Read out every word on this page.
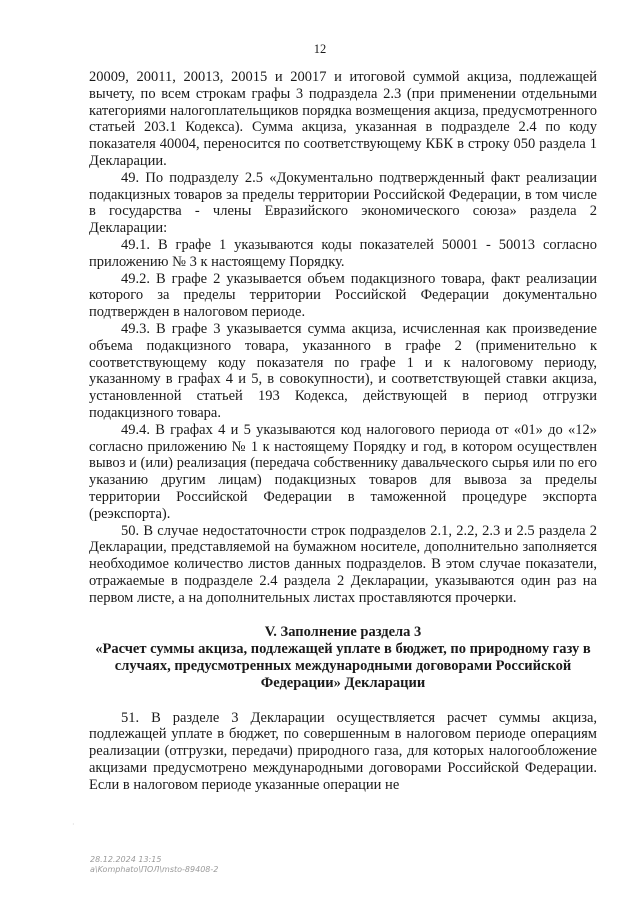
12

20009, 20011, 20013, 20015 и 20017 и итоговой суммой акциза, подлежащей вычету, по всем строкам графы 3 подраздела 2.3 (при применении отдельными категориями налогоплательщиков порядка возмещения акциза, предусмотренного статьей 203.1 Кодекса). Сумма акциза, указанная в подразделе 2.4 по коду показателя 40004, переносится по соответствующему КБК в строку 050 раздела 1 Декларации.

49. По подразделу 2.5 «Документально подтвержденный факт реализации подакцизных товаров за пределы территории Российской Федерации, в том числе в государства - члены Евразийского экономического союза» раздела 2 Декларации:

49.1. В графе 1 указываются коды показателей 50001 - 50013 согласно приложению № 3 к настоящему Порядку.

49.2. В графе 2 указывается объем подакцизного товара, факт реализации которого за пределы территории Российской Федерации документально подтвержден в налоговом периоде.

49.3. В графе 3 указывается сумма акциза, исчисленная как произведение объема подакцизного товара, указанного в графе 2 (применительно к соответствующему коду показателя по графе 1 и к налоговому периоду, указанному в графах 4 и 5, в совокупности), и соответствующей ставки акциза, установленной статьей 193 Кодекса, действующей в период отгрузки подакцизного товара.

49.4. В графах 4 и 5 указываются код налогового периода от «01» до «12» согласно приложению № 1 к настоящему Порядку и год, в котором осуществлен вывоз и (или) реализация (передача собственнику давальческого сырья или по его указанию другим лицам) подакцизных товаров для вывоза за пределы территории Российской Федерации в таможенной процедуре экспорта (реэкспорта).

50. В случае недостаточности строк подразделов 2.1, 2.2, 2.3 и 2.5 раздела 2 Декларации, представляемой на бумажном носителе, дополнительно заполняется необходимое количество листов данных подразделов. В этом случае показатели, отражаемые в подразделе 2.4 раздела 2 Декларации, указываются один раз на первом листе, а на дополнительных листах проставляются прочерки.

V. Заполнение раздела 3
«Расчет суммы акциза, подлежащей уплате в бюджет, по природному газу в случаях, предусмотренных международными договорами Российской Федерации» Декларации

51. В разделе 3 Декларации осуществляется расчет суммы акциза, подлежащей уплате в бюджет, по совершенным в налоговом периоде операциям реализации (отгрузки, передачи) природного газа, для которых налогообложение акцизами предусмотрено международными договорами Российской Федерации. Если в налоговом периоде указанные операции не

·
28.12.2024 13:15
a\Komphato\ПОЛ\msto-89408-2
